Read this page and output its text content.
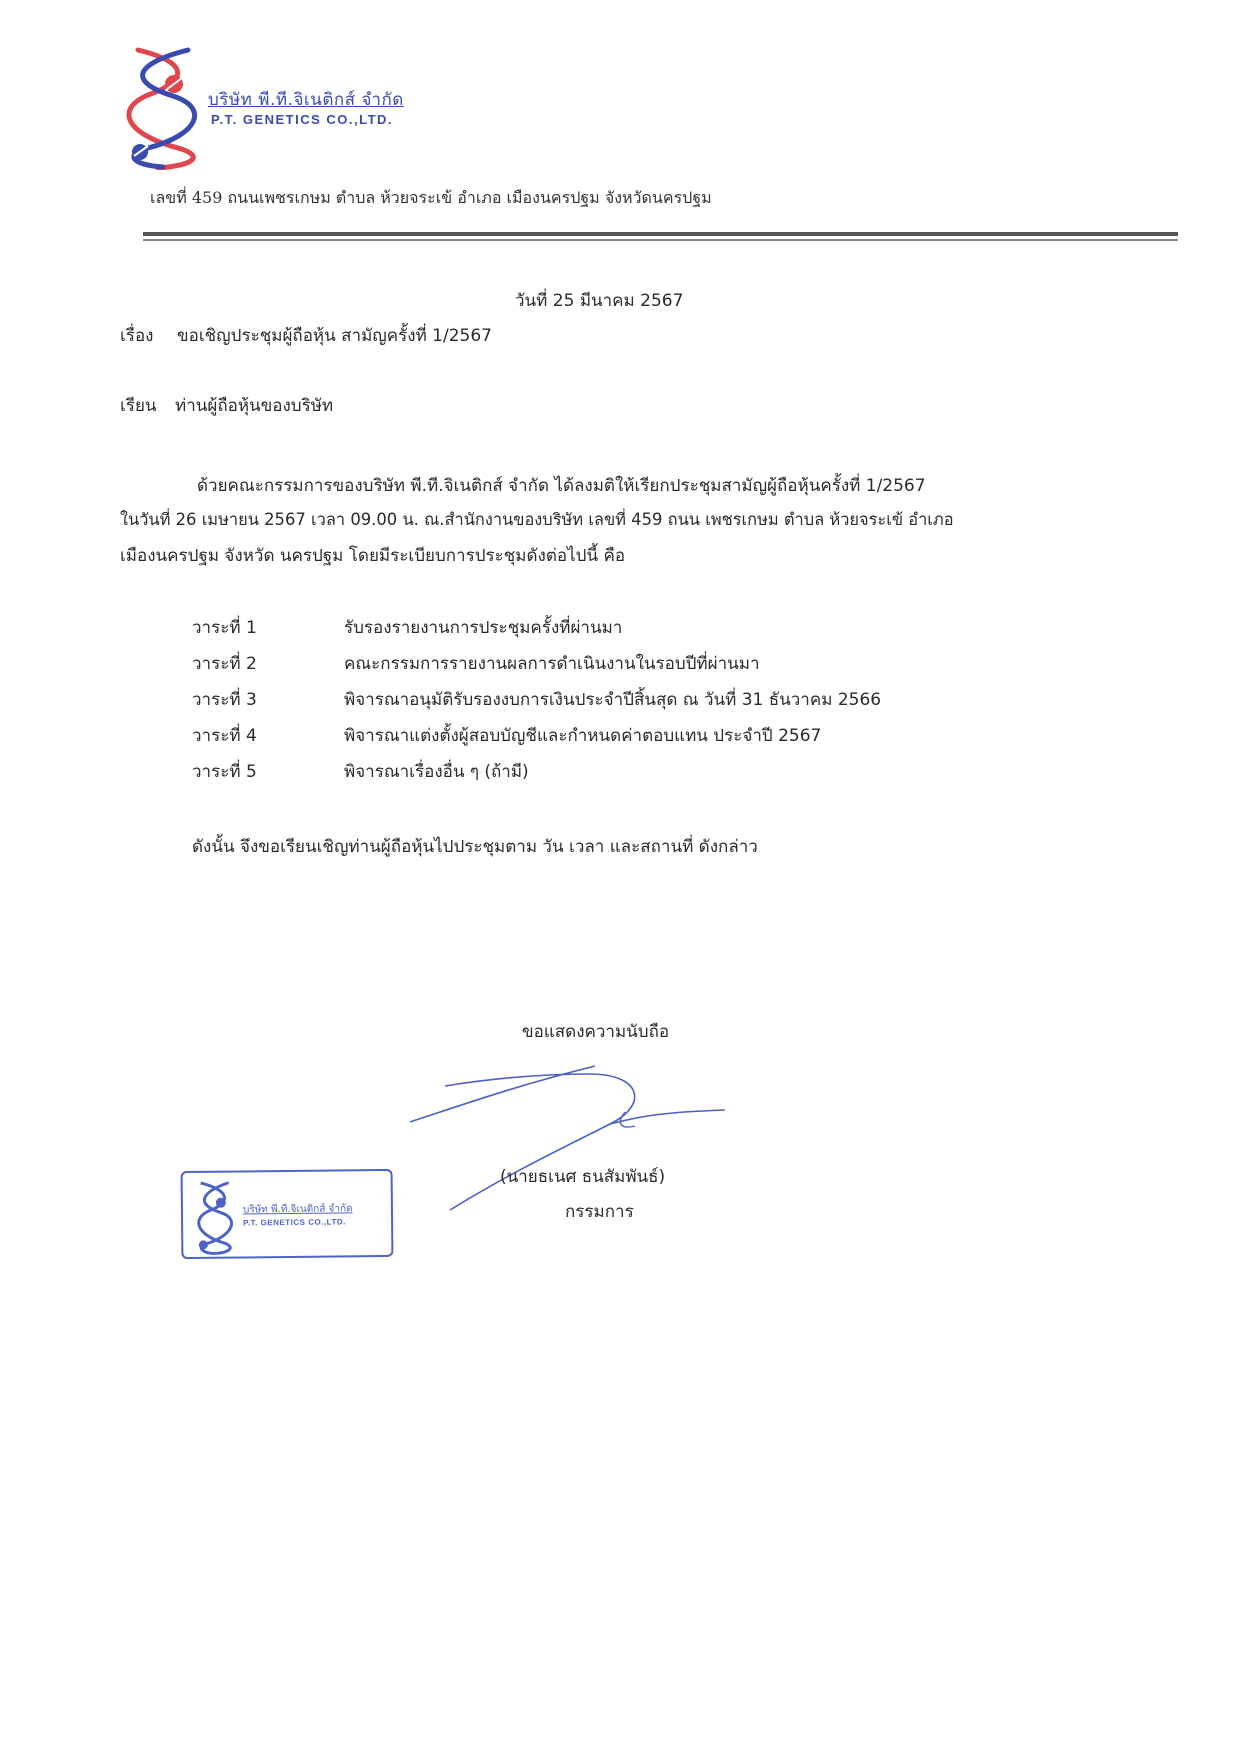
บริษัท พี.ที.จิเนติกส์ จำกัด
P.T. GENETICS CO.,LTD.
เลขที่ 459 ถนนเพชรเกษม ตำบล ห้วยจระเข้ อำเภอ เมืองนครปฐม จังหวัดนครปฐม
วันที่ 25 มีนาคม 2567
เรื่อง ขอเชิญประชุมผู้ถือหุ้น สามัญครั้งที่ 1/2567
เรียน ท่านผู้ถือหุ้นของบริษัท
ด้วยคณะกรรมการของบริษัท พี.ที.จิเนติกส์ จำกัด ได้ลงมติให้เรียกประชุมสามัญผู้ถือหุ้นครั้งที่ 1/2567
ในวันที่ 26 เมษายน 2567 เวลา 09.00 น. ณ.สำนักงานของบริษัท เลขที่ 459 ถนน เพชรเกษม ตำบล ห้วยจระเข้ อำเภอ
เมืองนครปฐม จังหวัด นครปฐม โดยมีระเบียบการประชุมดังต่อไปนี้ คือ
วาระที่ 1	รับรองรายงานการประชุมครั้งที่ผ่านมา
วาระที่ 2	คณะกรรมการรายงานผลการดำเนินงานในรอบปีที่ผ่านมา
วาระที่ 3	พิจารณาอนุมัติรับรองงบการเงินประจำปีสิ้นสุด ณ วันที่ 31 ธันวาคม 2566
วาระที่ 4	พิจารณาแต่งตั้งผู้สอบบัญชีและกำหนดค่าตอบแทน ประจำปี 2567
วาระที่ 5	พิจารณาเรื่องอื่น ๆ (ถ้ามี)
ดังนั้น จึงขอเรียนเชิญท่านผู้ถือหุ้นไปประชุมตาม วัน เวลา และสถานที่ ดังกล่าว
ขอแสดงความนับถือ
(นายธเนศ ธนสัมพันธ์)
กรรมการ
บริษัท พี.ที.จิเนติกส์ จำกัด
P.T. GENETICS CO.,LTD.
